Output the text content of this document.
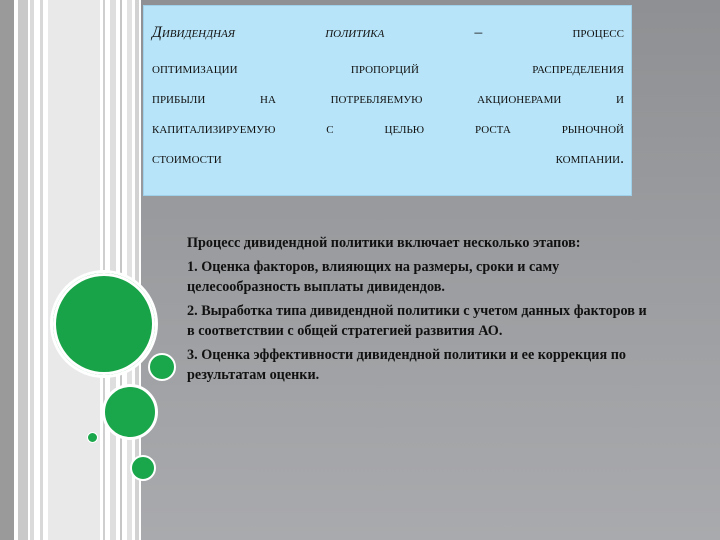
Дивидендная	политика	–	процесс
оптимизации	пропорций	распределения
прибыли	на	потребляемую	акционерами	и
капитализируемую	с	целью	роста	рыночной
стоимости	компании.

Процесс дивидендной политики включает несколько этапов:

1. Оценка факторов, влияющих на размеры, сроки и саму целесообразность выплаты дивидендов.

2. Выработка типа дивидендной политики с учетом данных факторов и в соответствии с общей стратегией развития АО.

3. Оценка эффективности дивидендной политики и ее коррекция по результатам оценки.
